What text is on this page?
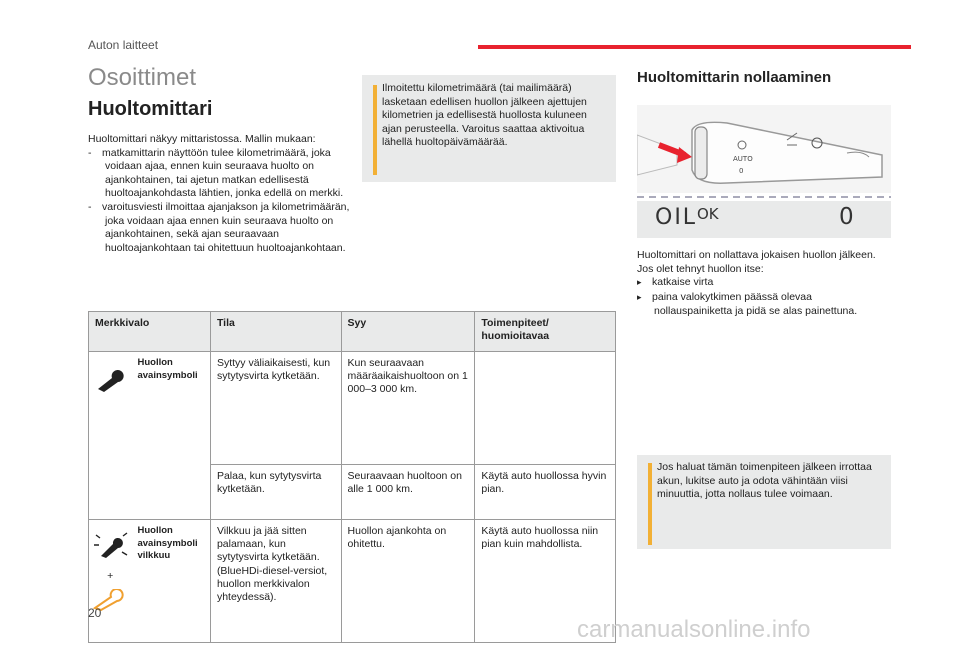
Auton laitteet
Osoittimet
Huoltomittari
Huoltomittari näkyy mittaristossa. Mallin mukaan:
- matkamittarin näyttöön tulee kilometrimäärä, joka voidaan ajaa, ennen kuin seuraava huolto on ajankohtainen, tai ajetun matkan edellisestä huoltoajankohdasta lähtien, jonka edellä on merkki.
- varoitusviesti ilmoittaa ajanjakson ja kilometrimäärän, joka voidaan ajaa ennen kuin seuraava huolto on ajankohtainen, sekä ajan seuraavaan huoltoajankohtaan tai ohitettuun huoltoajankohtaan.
Ilmoitettu kilometrimäärä (tai mailimäärä) lasketaan edellisen huollon jälkeen ajettujen kilometrien ja edellisestä huollosta kuluneen ajan perusteella. Varoitus saattaa aktivoitua lähellä huoltopäivämäärää.
Huoltomittarin nollaaminen
AUTO
0
OIL OK	0
Huoltomittari on nollattava jokaisen huollon jälkeen.
Jos olet tehnyt huollon itse:
▸ katkaise virta
▸ paina valokytkimen päässä olevaa nollauspainiketta ja pidä se alas painettuna.
Jos haluat tämän toimenpiteen jälkeen irrottaa akun, lukitse auto ja odota vähintään viisi minuuttia, jotta nollaus tulee voimaan.
Merkkivalo		Tila	Syy	Toimenpiteet/ huomioitavaa

Huollon avainsymboli	Syttyy väliaikaisesti, kun sytytysvirta kytketään.	Kun seuraavaan määräaikaishuoltoon on 1 000–3 000 km.	
		Palaa, kun sytytysvirta kytketään.	Seuraavaan huoltoon on alle 1 000 km.	Käytä auto huollossa hyvin pian.

+	Huollon avainsymboli vilkkuu	Vilkkuu ja jää sitten palamaan, kun sytytysvirta kytketään. (BlueHDi-diesel-versiot, huollon merkkivalon yhteydessä).	Huollon ajankohta on ohitettu.	Käytä auto huollossa niin pian kuin mahdollista.
20
carmanualsonline.info
